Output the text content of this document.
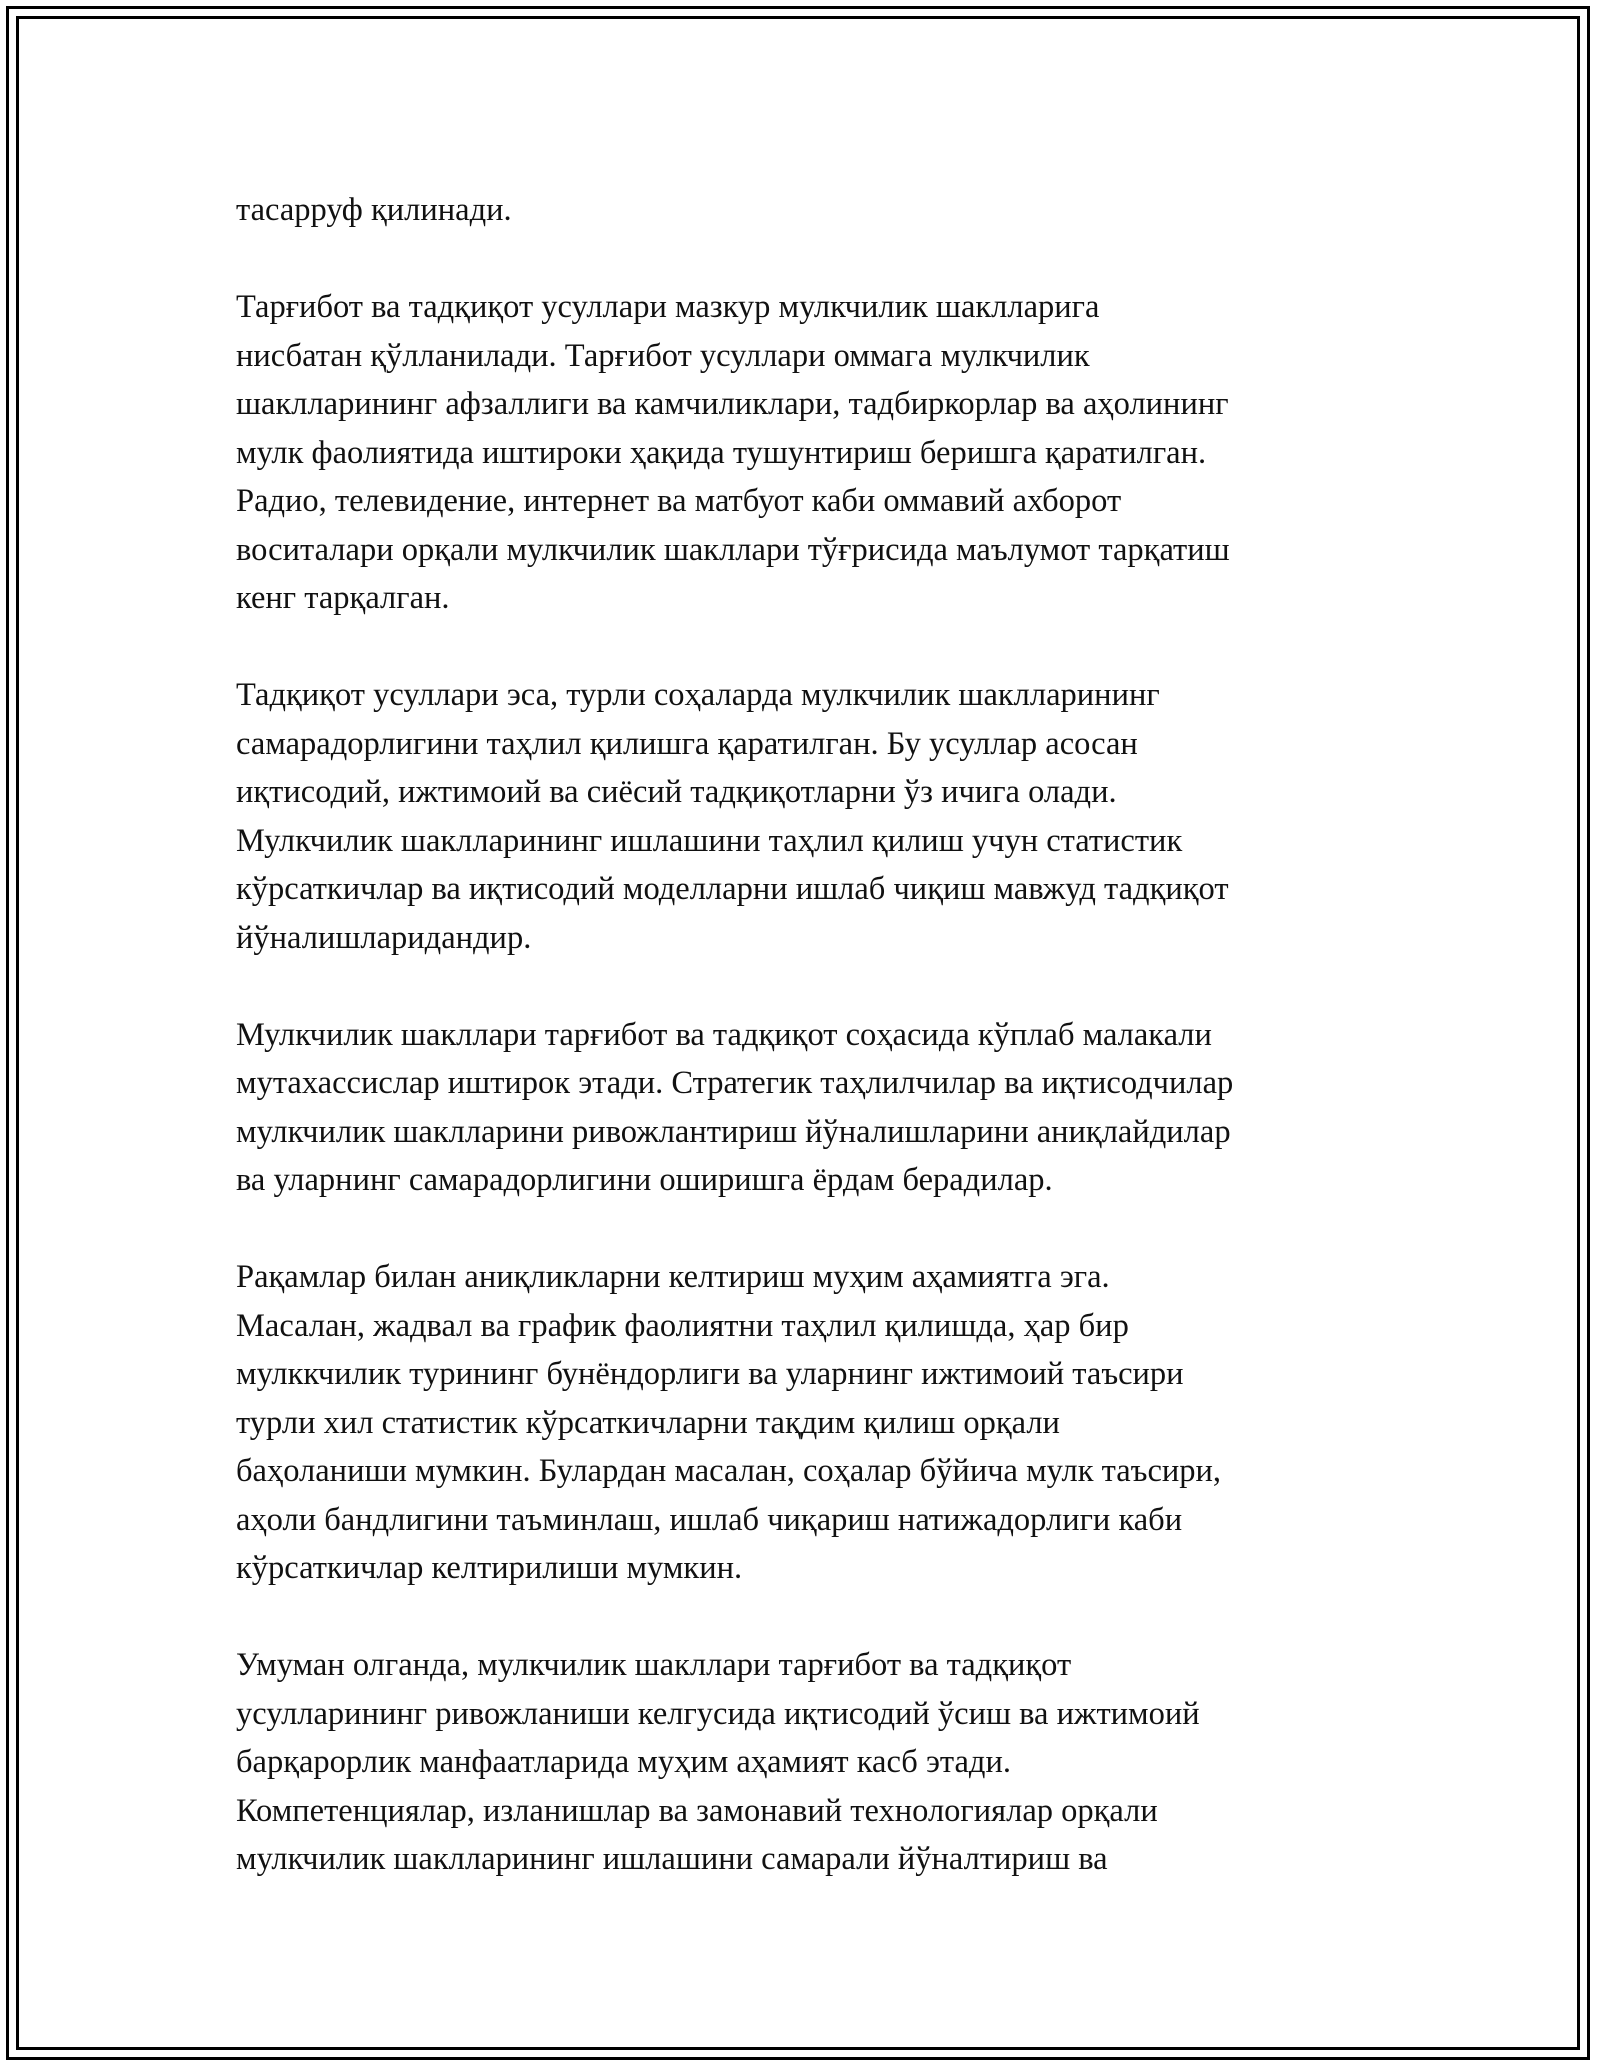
тасарруф қилинади.

Тарғибот ва тадқиқот усуллари мазкур мулкчилик шаклларига
нисбатан қўлланилади. Тарғибот усуллари оммага мулкчилик
шаклларининг афзаллиги ва камчиликлари, тадбиркорлар ва аҳолининг
мулк фаолиятида иштироки ҳақида тушунтириш беришга қаратилган.
Радио, телевидение, интернет ва матбуот каби оммавий ахборот
воситалари орқали мулкчилик шакллари тўғрисида маълумот тарқатиш
кенг тарқалган.

Тадқиқот усуллари эса, турли соҳаларда мулкчилик шаклларининг
самарадорлигини таҳлил қилишга қаратилган. Бу усуллар асосан
иқтисодий, ижтимоий ва сиёсий тадқиқотларни ўз ичига олади.
Мулкчилик шаклларининг ишлашини таҳлил қилиш учун статистик
кўрсаткичлар ва иқтисодий моделларни ишлаб чиқиш мавжуд тадқиқот
йўналишларидандир.

Мулкчилик шакллари тарғибот ва тадқиқот соҳасида кўплаб малакали
мутахассислар иштирок этади. Стратегик таҳлилчилар ва иқтисодчилар
мулкчилик шаклларини ривожлантириш йўналишларини аниқлайдилар
ва уларнинг самарадорлигини оширишга ёрдам берадилар.

Рақамлар билан аниқликларни келтириш муҳим аҳамиятга эга.
Масалан, жадвал ва график фаолиятни таҳлил қилишда, ҳар бир
мулккчилик турининг бунёндорлиги ва уларнинг ижтимоий таъсири
турли хил статистик кўрсаткичларни тақдим қилиш орқали
баҳоланиши мумкин. Булардан масалан, соҳалар бўйича мулк таъсири,
аҳоли бандлигини таъминлаш, ишлаб чиқариш натижадорлиги каби
кўрсаткичлар келтирилиши мумкин.

Умуман олганда, мулкчилик шакллари тарғибот ва тадқиқот
усулларининг ривожланиши келгусида иқтисодий ўсиш ва ижтимоий
барқарорлик манфаатларида муҳим аҳамият касб этади.
Компетенциялар, изланишлар ва замонавий технологиялар орқали
мулкчилик шаклларининг ишлашини самарали йўналтириш ва
